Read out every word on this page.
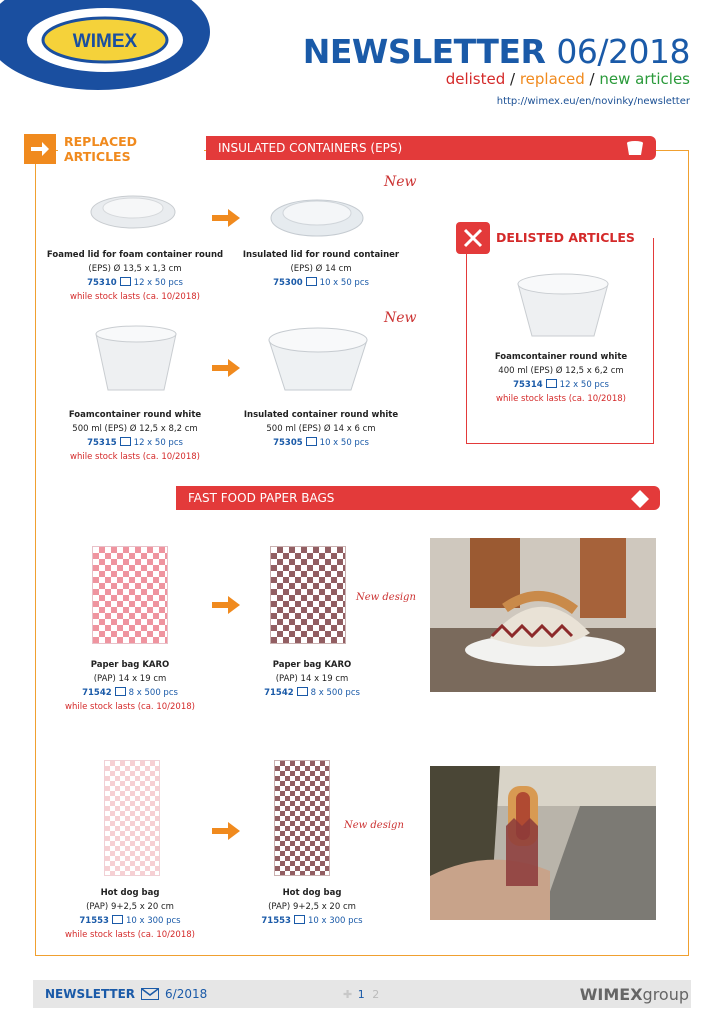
WIMEX	NEWSLETTER 06/2018
delisted / replaced / new articles
http://wimex.eu/en/novinky/newsletter
REPLACED ARTICLES
INSULATED CONTAINERS (EPS)
Foamed lid for foam container round
(EPS) Ø 13,5 x 1,3 cm
75310 12 x 50 pcs
while stock lasts (ca. 10/2018)
New
Insulated lid for round container
(EPS) Ø 14 cm
75300 10 x 50 pcs
Foamcontainer round white
500 ml (EPS) Ø 12,5 x 8,2 cm
75315 12 x 50 pcs
while stock lasts (ca. 10/2018)
New
Insulated container round white
500 ml (EPS) Ø 14 x 6 cm
75305 10 x 50 pcs
DELISTED ARTICLES
Foamcontainer round white
400 ml (EPS) Ø 12,5 x 6,2 cm
75314 12 x 50 pcs
while stock lasts (ca. 10/2018)
FAST FOOD PAPER BAGS
Paper bag KARO
(PAP) 14 x 19 cm
71542 8 x 500 pcs
while stock lasts (ca. 10/2018)
New design
Paper bag KARO
(PAP) 14 x 19 cm
71542 8 x 500 pcs
Hot dog bag
(PAP) 9+2,5 x 20 cm
71553 10 x 300 pcs
while stock lasts (ca. 10/2018)
New design
Hot dog bag
(PAP) 9+2,5 x 20 cm
71553 10 x 300 pcs
NEWSLETTER	6/2018	✚ 1 2	WIMEXgroup
